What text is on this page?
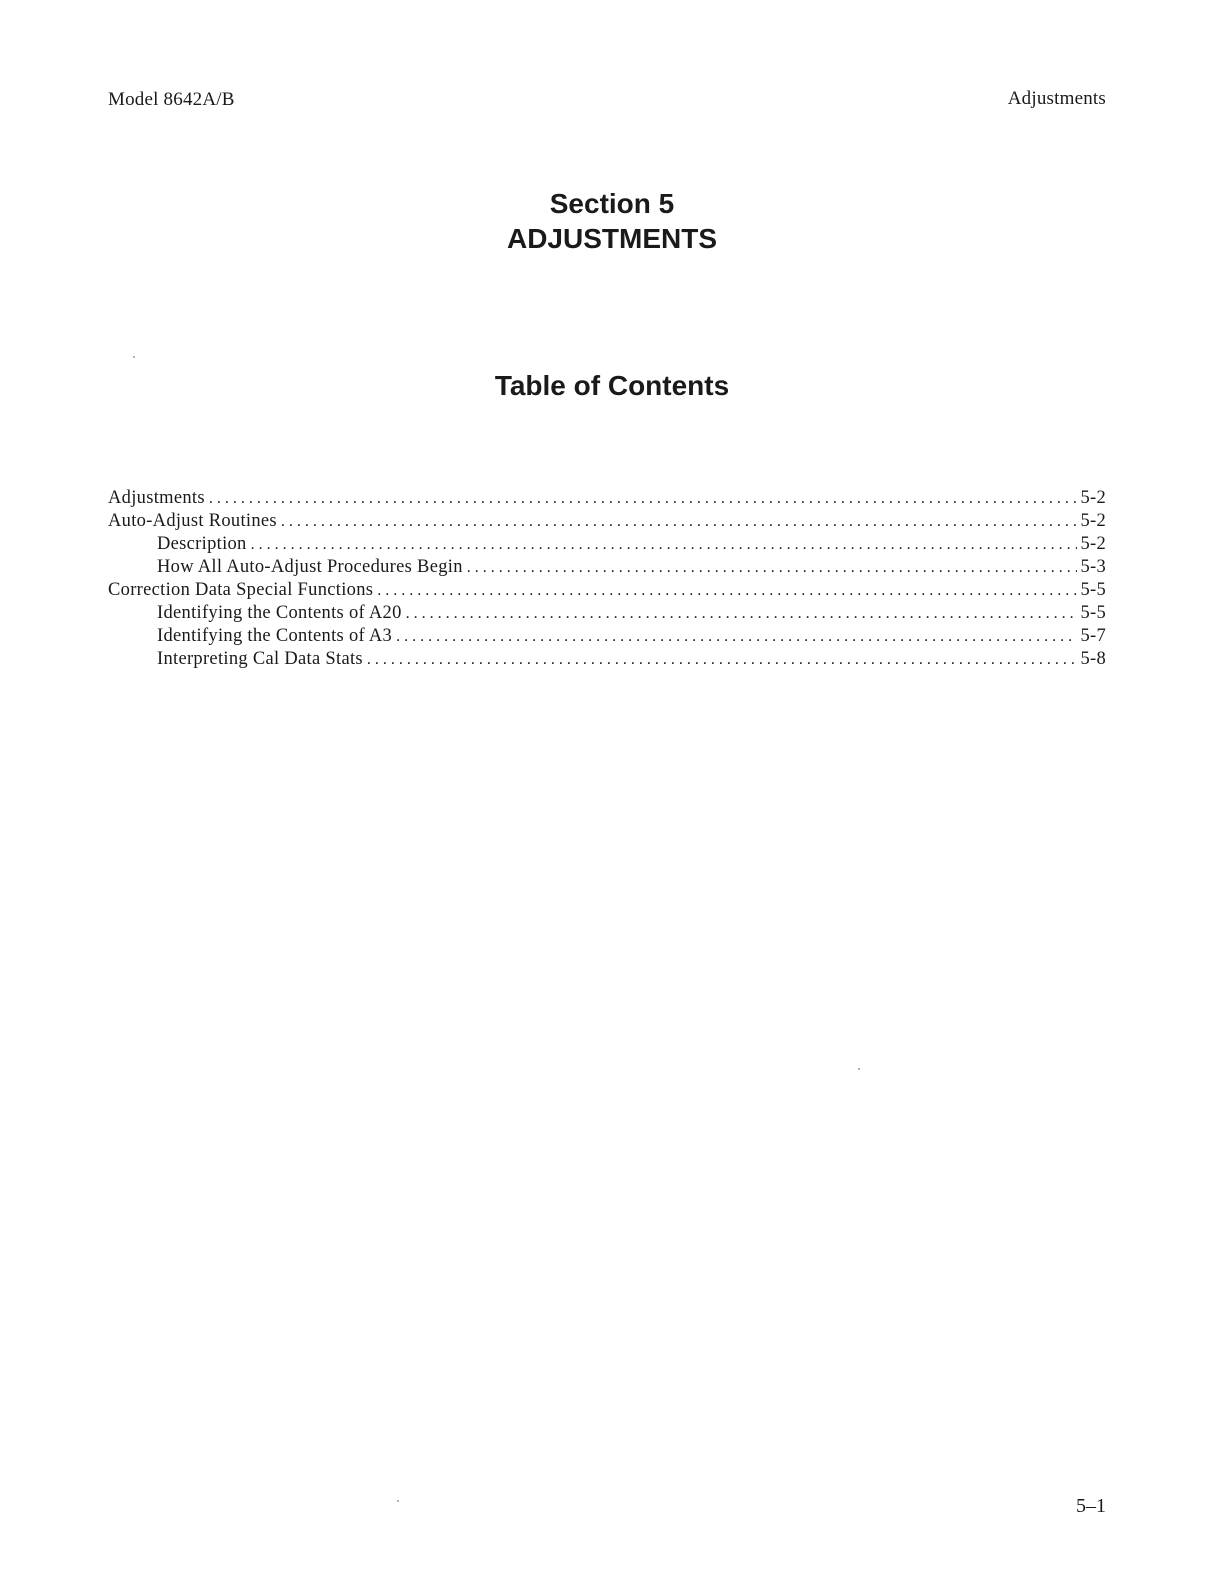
Model 8642A/B	Adjustments
Section 5
ADJUSTMENTS
Table of Contents
Adjustments . . .	5-2
Auto-Adjust Routines . . .	5-2
Description . . .	5-2
How All Auto-Adjust Procedures Begin . . .	5-3
Correction Data Special Functions . . .	5-5
Identifying the Contents of A20 . . .	5-5
Identifying the Contents of A3 . . .	5-7
Interpreting Cal Data Stats . . .	5-8
5–1
